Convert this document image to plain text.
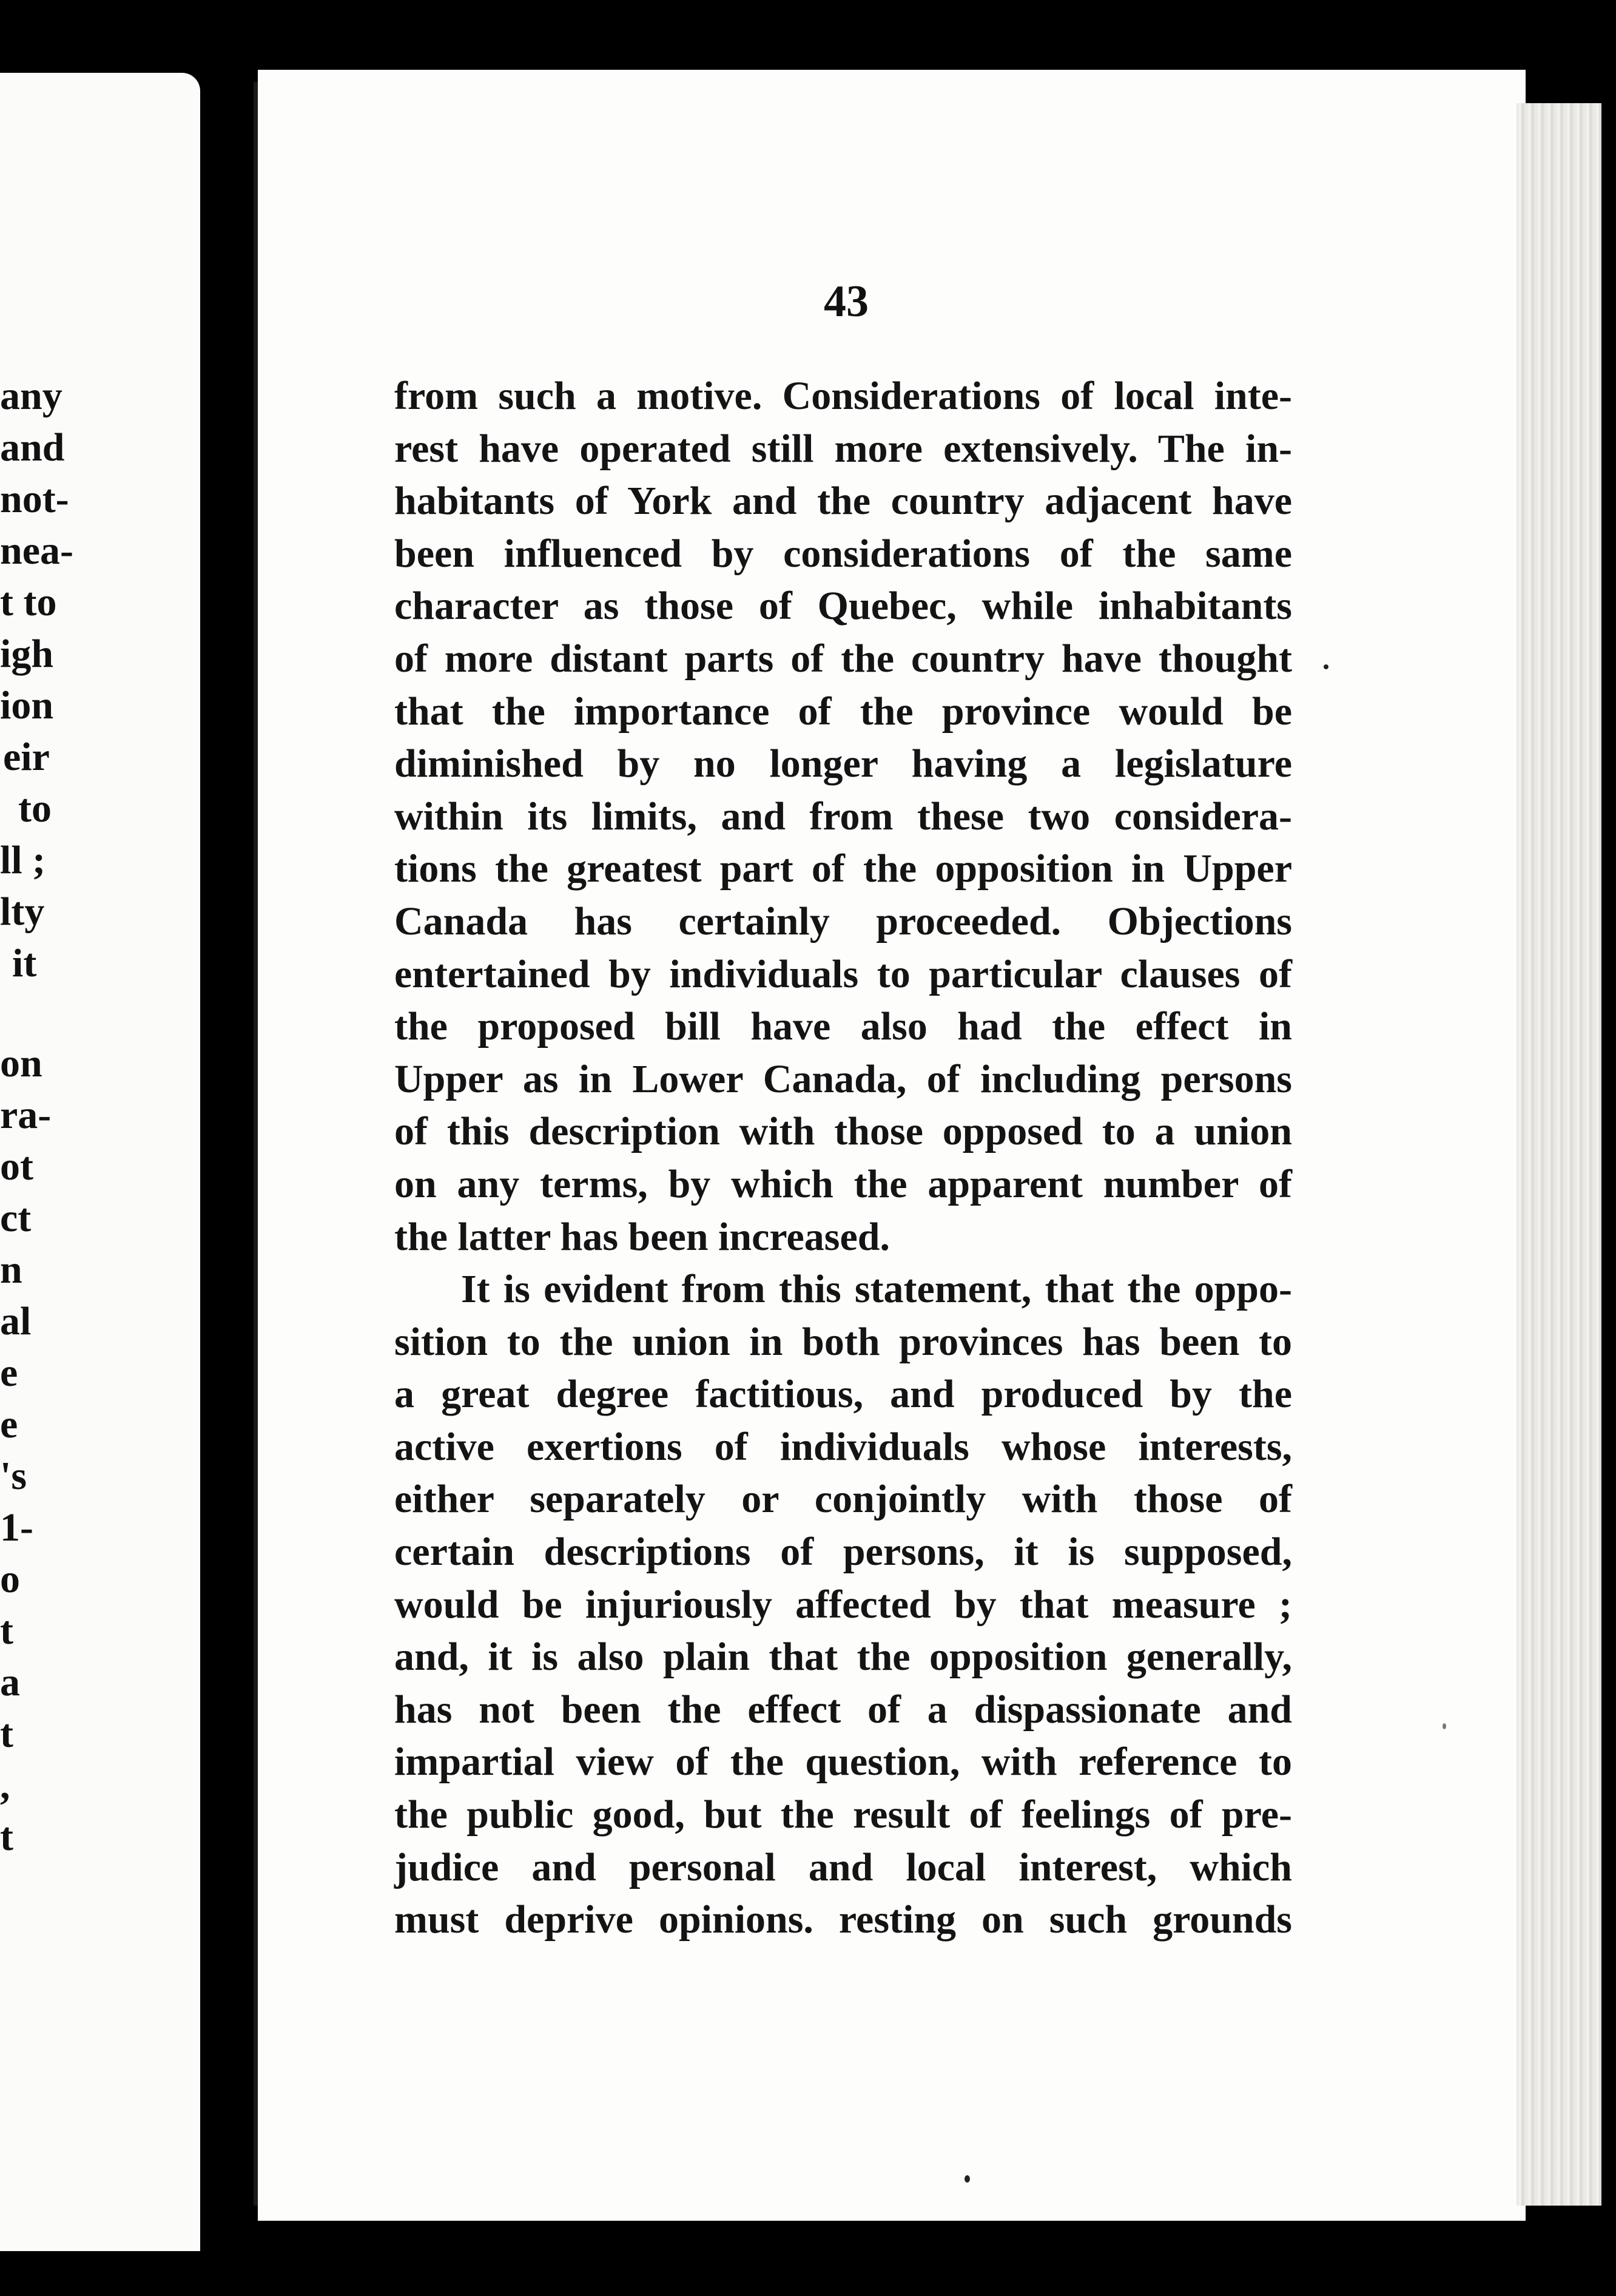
any
and
not-
nea-
t to
igh
ion
eir
to
ll ;
lty
it
on
ra-
ot
ct
n
al
e
e
's
1-
o
t
a
t
,
t
43
from such a motive. Considerations of local inte-
rest have operated still more extensively. The in-
habitants of York and the country adjacent have
been influenced by considerations of the same
character as those of Quebec, while inhabitants
of more distant parts of the country have thought
that the importance of the province would be
diminished by no longer having a legislature
within its limits, and from these two considera-
tions the greatest part of the opposition in Upper
Canada has certainly proceeded. Objections
entertained by individuals to particular clauses of
the proposed bill have also had the effect in
Upper as in Lower Canada, of including persons
of this description with those opposed to a union
on any terms, by which the apparent number of
the latter has been increased.
It is evident from this statement, that the oppo-
sition to the union in both provinces has been to
a great degree factitious, and produced by the
active exertions of individuals whose interests,
either separately or conjointly with those of
certain descriptions of persons, it is supposed,
would be injuriously affected by that measure ;
and, it is also plain that the opposition generally,
has not been the effect of a dispassionate and
impartial view of the question, with reference to
the public good, but the result of feelings of pre-
judice and personal and local interest, which
must deprive opinions. resting on such grounds
